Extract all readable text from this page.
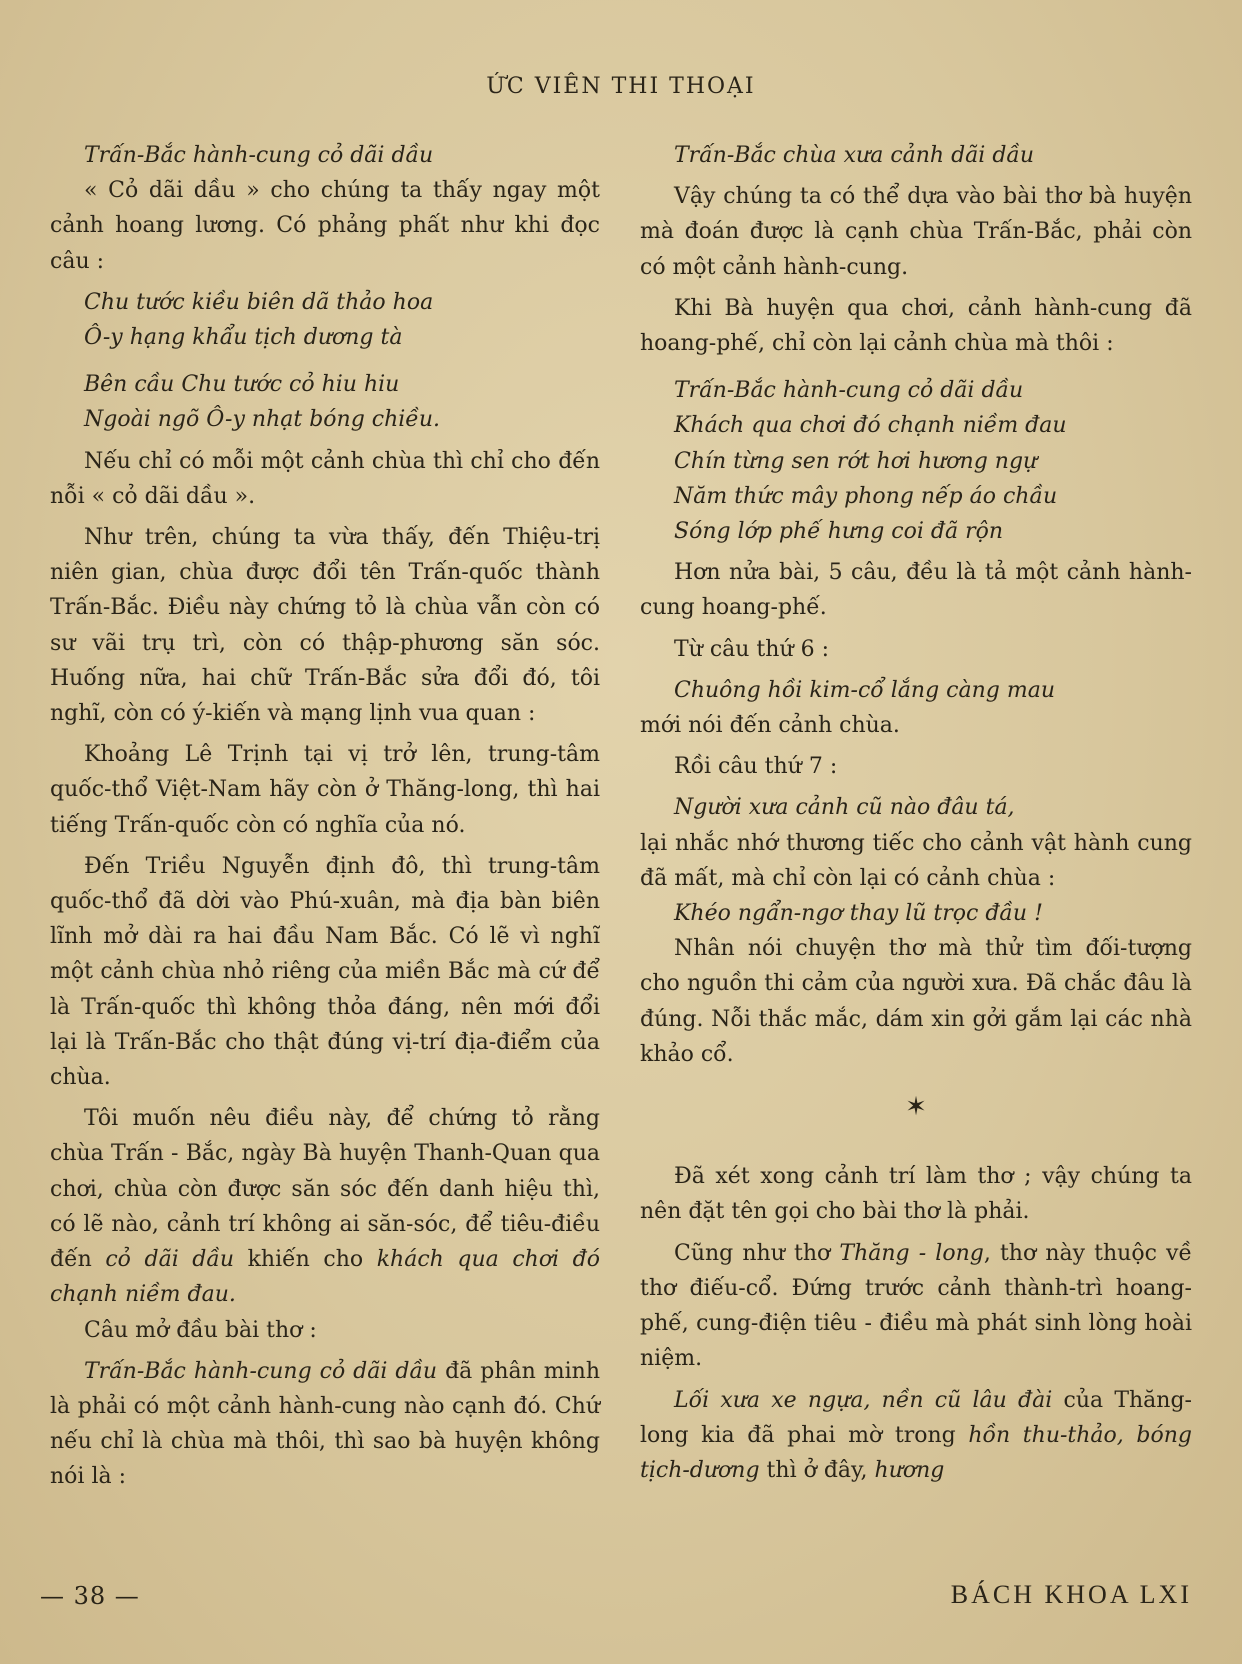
ỨC VIÊN THI THOẠI

Trấn-Bắc hành-cung cỏ dãi dầu

« Cỏ dãi dầu » cho chúng ta thấy ngay một cảnh hoang lương. Có phảng phất như khi đọc câu :

Chu tước kiều biên dã thảo hoa

Ô-y hạng khẩu tịch dương tà

Bên cầu Chu tước cỏ hiu hiu

Ngoài ngõ Ô-y nhạt bóng chiều.

Nếu chỉ có mỗi một cảnh chùa thì chỉ cho đến nỗi « cỏ dãi dầu ».

Như trên, chúng ta vừa thấy, đến Thiệu-trị niên gian, chùa được đổi tên Trấn-quốc thành Trấn-Bắc. Điều này chứng tỏ là chùa vẫn còn có sư vãi trụ trì, còn có thập-phương săn sóc. Huống nữa, hai chữ Trấn-Bắc sửa đổi đó, tôi nghĩ, còn có ý-kiến và mạng lịnh vua quan :

Khoảng Lê Trịnh tại vị trở lên, trung-tâm quốc-thổ Việt-Nam hãy còn ở Thăng-long, thì hai tiếng Trấn-quốc còn có nghĩa của nó.

Đến Triều Nguyễn định đô, thì trung-tâm quốc-thổ đã dời vào Phú-xuân, mà địa bàn biên lĩnh mở dài ra hai đầu Nam Bắc. Có lẽ vì nghĩ một cảnh chùa nhỏ riêng của miền Bắc mà cứ để là Trấn-quốc thì không thỏa đáng, nên mới đổi lại là Trấn-Bắc cho thật đúng vị-trí địa-điểm của chùa.

Tôi muốn nêu điều này, để chứng tỏ rằng chùa Trấn - Bắc, ngày Bà huyện Thanh-Quan qua chơi, chùa còn được săn sóc đến danh hiệu thì, có lẽ nào, cảnh trí không ai săn-sóc, để tiêu-điều đến cỏ dãi dầu khiến cho khách qua chơi đó chạnh niềm đau.

Câu mở đầu bài thơ :

Trấn-Bắc hành-cung cỏ dãi dầu đã phân minh là phải có một cảnh hành-cung nào cạnh đó. Chứ nếu chỉ là chùa mà thôi, thì sao bà huyện không nói là :

Trấn-Bắc chùa xưa cảnh dãi dầu

Vậy chúng ta có thể dựa vào bài thơ bà huyện mà đoán được là cạnh chùa Trấn-Bắc, phải còn có một cảnh hành-cung.

Khi Bà huyện qua chơi, cảnh hành-cung đã hoang-phế, chỉ còn lại cảnh chùa mà thôi :

Trấn-Bắc hành-cung cỏ dãi dầu

Khách qua chơi đó chạnh niềm đau

Chín từng sen rớt hơi hương ngự

Năm thức mây phong nếp áo chầu

Sóng lớp phế hưng coi đã rộn

Hơn nửa bài, 5 câu, đều là tả một cảnh hành-cung hoang-phế.

Từ câu thứ 6 :

Chuông hồi kim-cổ lắng càng mau

mới nói đến cảnh chùa.

Rồi câu thứ 7 :

Người xưa cảnh cũ nào đâu tá,

lại nhắc nhớ thương tiếc cho cảnh vật hành cung đã mất, mà chỉ còn lại có cảnh chùa :

Khéo ngẩn-ngơ thay lũ trọc đầu !

Nhân nói chuyện thơ mà thử tìm đối-tượng cho nguồn thi cảm của người xưa. Đã chắc đâu là đúng. Nỗi thắc mắc, dám xin gởi gắm lại các nhà khảo cổ.

✶

Đã xét xong cảnh trí làm thơ ; vậy chúng ta nên đặt tên gọi cho bài thơ là phải.

Cũng như thơ Thăng - long, thơ này thuộc về thơ điếu-cổ. Đứng trước cảnh thành-trì hoang-phế, cung-điện tiêu - điều mà phát sinh lòng hoài niệm.

Lối xưa xe ngựa, nền cũ lâu đài của Thăng-long kia đã phai mờ trong hồn thu-thảo, bóng tịch-dương thì ở đây, hương

— 38 —	BÁCH KHOA LXI
